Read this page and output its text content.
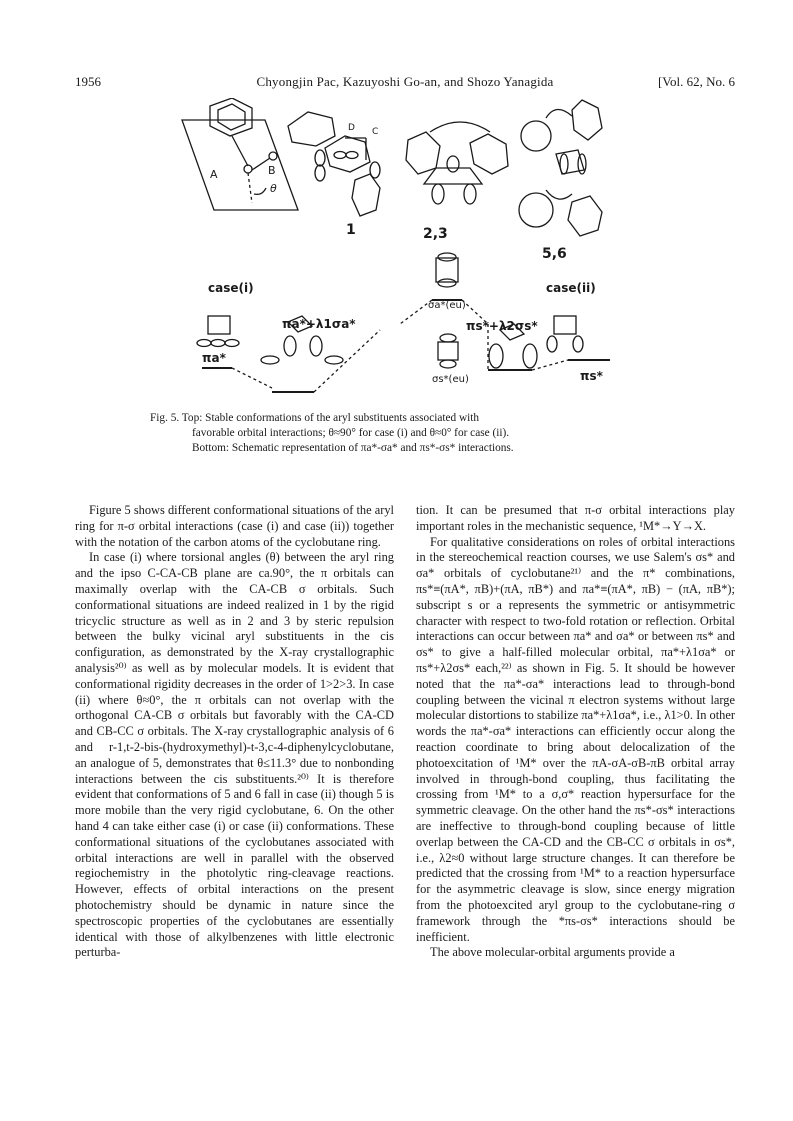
1956	Chyongjin Pac, Kazuyoshi Go-an, and Shozo Yanagida	[Vol. 62, No. 6
A	B
θ
D C
1	2,3
5,6
case(i)	case(ii)
σa*(eu)
πa*+λ1σa*	πs*+λ2σs*
πa*
σs*(eu)	πs*

Fig. 5. Top: Stable conformations of the aryl substituents associated with

favorable orbital interactions; θ≈90° for case (i) and θ≈0° for case (ii).

Bottom: Schematic representation of πa*-σa* and πs*-σs* interactions.

Figure 5 shows different conformational situations of the aryl ring for π-σ orbital interactions (case (i) and case (ii)) together with the notation of the carbon atoms of the cyclobutane ring.

In case (i) where torsional angles (θ) between the aryl ring and the ipso C-CA-CB plane are ca.90°, the π orbitals can maximally overlap with the CA-CB σ orbitals. Such conformational situations are indeed realized in 1 by the rigid tricyclic structure as well as in 2 and 3 by steric repulsion between the bulky vicinal aryl substituents in the cis configuration, as demonstrated by the X-ray crystallographic analysis²⁰⁾ as well as by molecular models. It is evident that conformational rigidity decreases in the order of 1>2>3. In case (ii) where θ≈0°, the π orbitals can not overlap with the orthogonal CA-CB σ orbitals but favorably with the CA-CD and CB-CC σ orbitals. The X-ray crystallographic analysis of 6 and r-1,t-2-bis-(hydroxymethyl)-t-3,c-4-diphenylcyclobutane, an analogue of 5, demonstrates that θ≤11.3° due to nonbonding interactions between the cis substituents.²⁰⁾ It is therefore evident that conformations of 5 and 6 fall in case (ii) though 5 is more mobile than the very rigid cyclobutane, 6. On the other hand 4 can take either case (i) or case (ii) conformations. These conformational situations of the cyclobutanes associated with orbital interactions are well in parallel with the observed regiochemistry in the photolytic ring-cleavage reactions. However, effects of orbital interactions on the present photochemistry should be dynamic in nature since the spectroscopic properties of the cyclobutanes are essentially identical with those of alkylbenzenes with little electronic perturba-

tion. It can be presumed that π-σ orbital interactions play important roles in the mechanistic sequence, ¹M*→Y→X.

For qualitative considerations on roles of orbital interactions in the stereochemical reaction courses, we use Salem's σs* and σa* orbitals of cyclobutane²¹⁾ and the π* combinations, πs*≡(πA*, πB)+(πA, πB*) and πa*≡(πA*, πB) − (πA, πB*); subscript s or a represents the symmetric or antisymmetric character with respect to two-fold rotation or reflection. Orbital interactions can occur between πa* and σa* or between πs* and σs* to give a half-filled molecular orbital, πa*+λ1σa* or πs*+λ2σs* each,²²⁾ as shown in Fig. 5. It should be however noted that the πa*-σa* interactions lead to through-bond coupling between the vicinal π electron systems without large molecular distortions to stabilize πa*+λ1σa*, i.e., λ1>0. In other words the πa*-σa* interactions can efficiently occur along the reaction coordinate to bring about delocalization of the photoexcitation of ¹M* over the πA-σA-σB-πB orbital array involved in through-bond coupling, thus facilitating the crossing from ¹M* to a σ,σ* reaction hypersurface for the symmetric cleavage. On the other hand the πs*-σs* interactions are ineffective to through-bond coupling because of little overlap between the CA-CD and the CB-CC σ orbitals in σs*, i.e., λ2≈0 without large structure changes. It can therefore be predicted that the crossing from ¹M* to a reaction hypersurface for the asymmetric cleavage is slow, since energy migration from the photoexcited aryl group to the cyclobutane-ring σ framework through the *πs-σs* interactions should be inefficient.

The above molecular-orbital arguments provide a
